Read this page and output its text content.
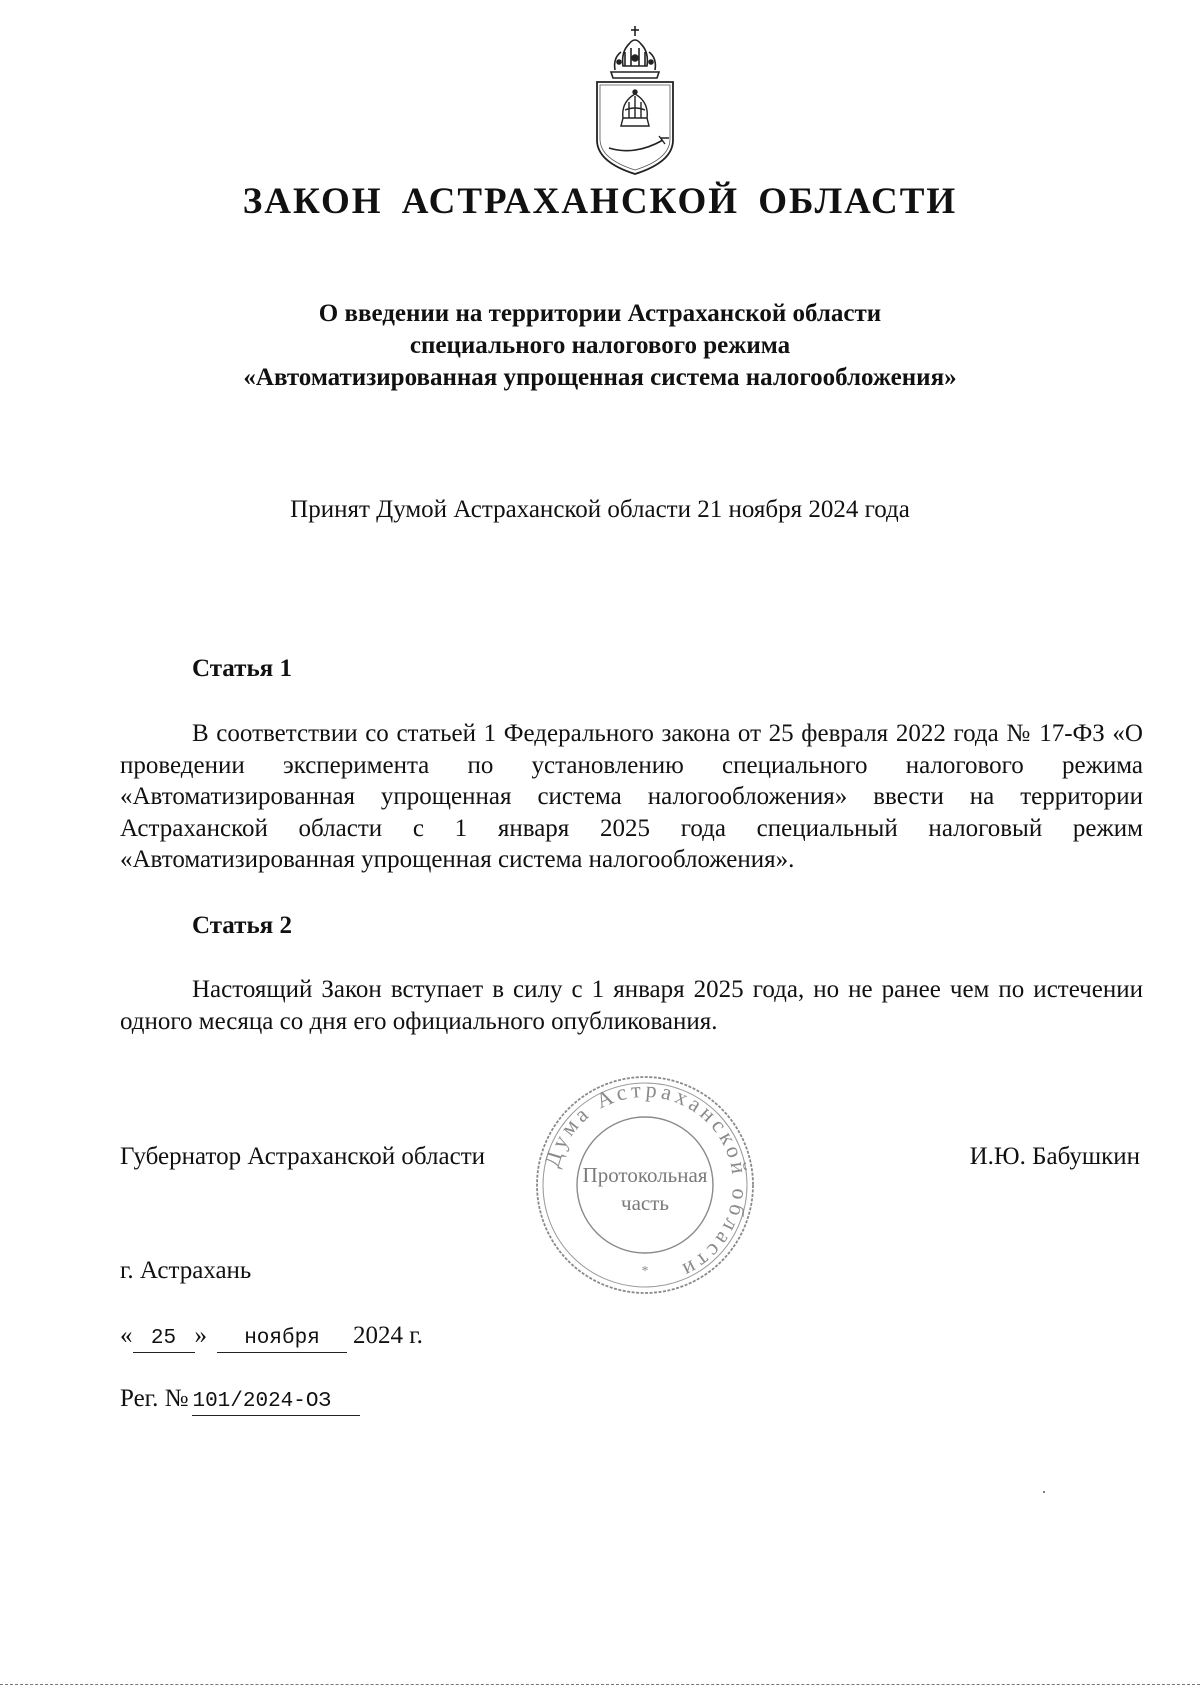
ЗАКОН АСТРАХАНСКОЙ ОБЛАСТИ
О введении на территории Астраханской области
специального налогового режима
«Автоматизированная упрощенная система налогообложения»
Принят Думой Астраханской области 21 ноября 2024 года
Статья 1
В соответствии со статьей 1 Федерального закона от 25 февраля 2022 года № 17-ФЗ «О проведении эксперимента по установлению специального налогового режима «Автоматизированная упрощенная система налогообложения» ввести на территории Астраханской области с 1 января 2025 года специальный налоговый режим «Автоматизированная упрощенная система налогообложения».
Статья 2
Настоящий Закон вступает в силу с 1 января 2025 года, но не ранее чем по истечении одного месяца со дня его официального опубликования.
Губернатор Астраханской области	И.Ю. Бабушкин
Дума Астраханской области
Протокольная
часть
*
г. Астрахань
« 25 » ноября 2024 г.
Рег. № 101/2024-ОЗ
